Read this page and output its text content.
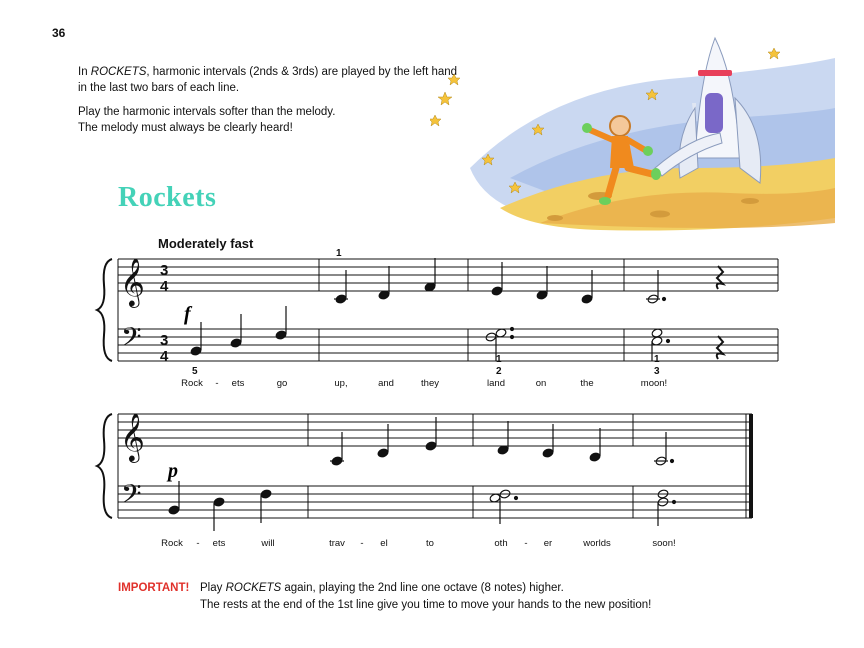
36
In ROCKETS, harmonic intervals (2nds & 3rds) are played by the left hand
in the last two bars of each line.
Play the harmonic intervals softer than the melody.
The melody must always be clearly heard!
Rockets
Moderately fast
𝄞
𝄢
𝄞
𝄢
3
4
3
4
1
5
1
2
1
3
f
p
Rock - ets	go	up,	and	they	land	on	the	moon!
Rock - ets	will	trav - el	to	oth - er	worlds	soon!
IMPORTANT! Play ROCKETS again, playing the 2nd line one octave (8 notes) higher.
The rests at the end of the 1st line give you time to move your hands to the new position!
